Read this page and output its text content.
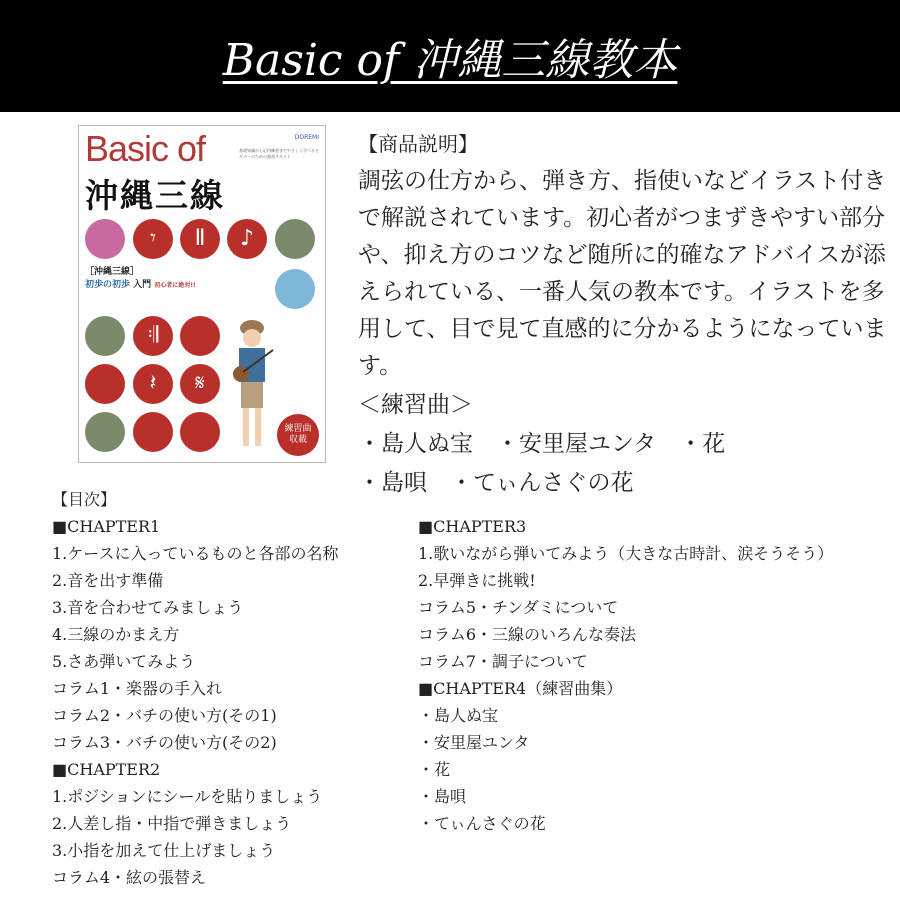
Basic of 沖縄三線教本
Basic of	DOREMI
基礎知識から応用練習までやさしく学べるビギナーのための独習テキスト
沖縄三線
𝄾	Ⅱ	♪
［沖縄三線］
初歩の初歩 入門 初心者に絶対!!
𝄇
𝄽	𝄋
練習曲
収載
【商品説明】
調弦の仕方から、弾き方、指使いなどイラスト付きで解説されています。初心者がつまずきやすい部分や、抑え方のコツなど随所に的確なアドバイスが添えられている、一番人気の教本です。イラストを多用して、目で見て直感的に分かるようになっています。
＜練習曲＞
・島人ぬ宝　・安里屋ユンタ　・花
・島唄　・てぃんさぐの花
【目次】
■CHAPTER1
1.ケースに入っているものと各部の名称
2.音を出す準備
3.音を合わせてみましょう
4.三線のかまえ方
5.さあ弾いてみよう
コラム1・楽器の手入れ
コラム2・バチの使い方(その1)
コラム3・バチの使い方(その2)
■CHAPTER2
1.ポジションにシールを貼りましょう
2.人差し指・中指で弾きましょう
3.小指を加えて仕上げましょう
コラム4・絃の張替え
■CHAPTER3
1.歌いながら弾いてみよう（大きな古時計、涙そうそう）
2.早弾きに挑戦!
コラム5・チンダミについて
コラム6・三線のいろんな奏法
コラム7・調子について
■CHAPTER4（練習曲集）
・島人ぬ宝
・安里屋ユンタ
・花
・島唄
・てぃんさぐの花
